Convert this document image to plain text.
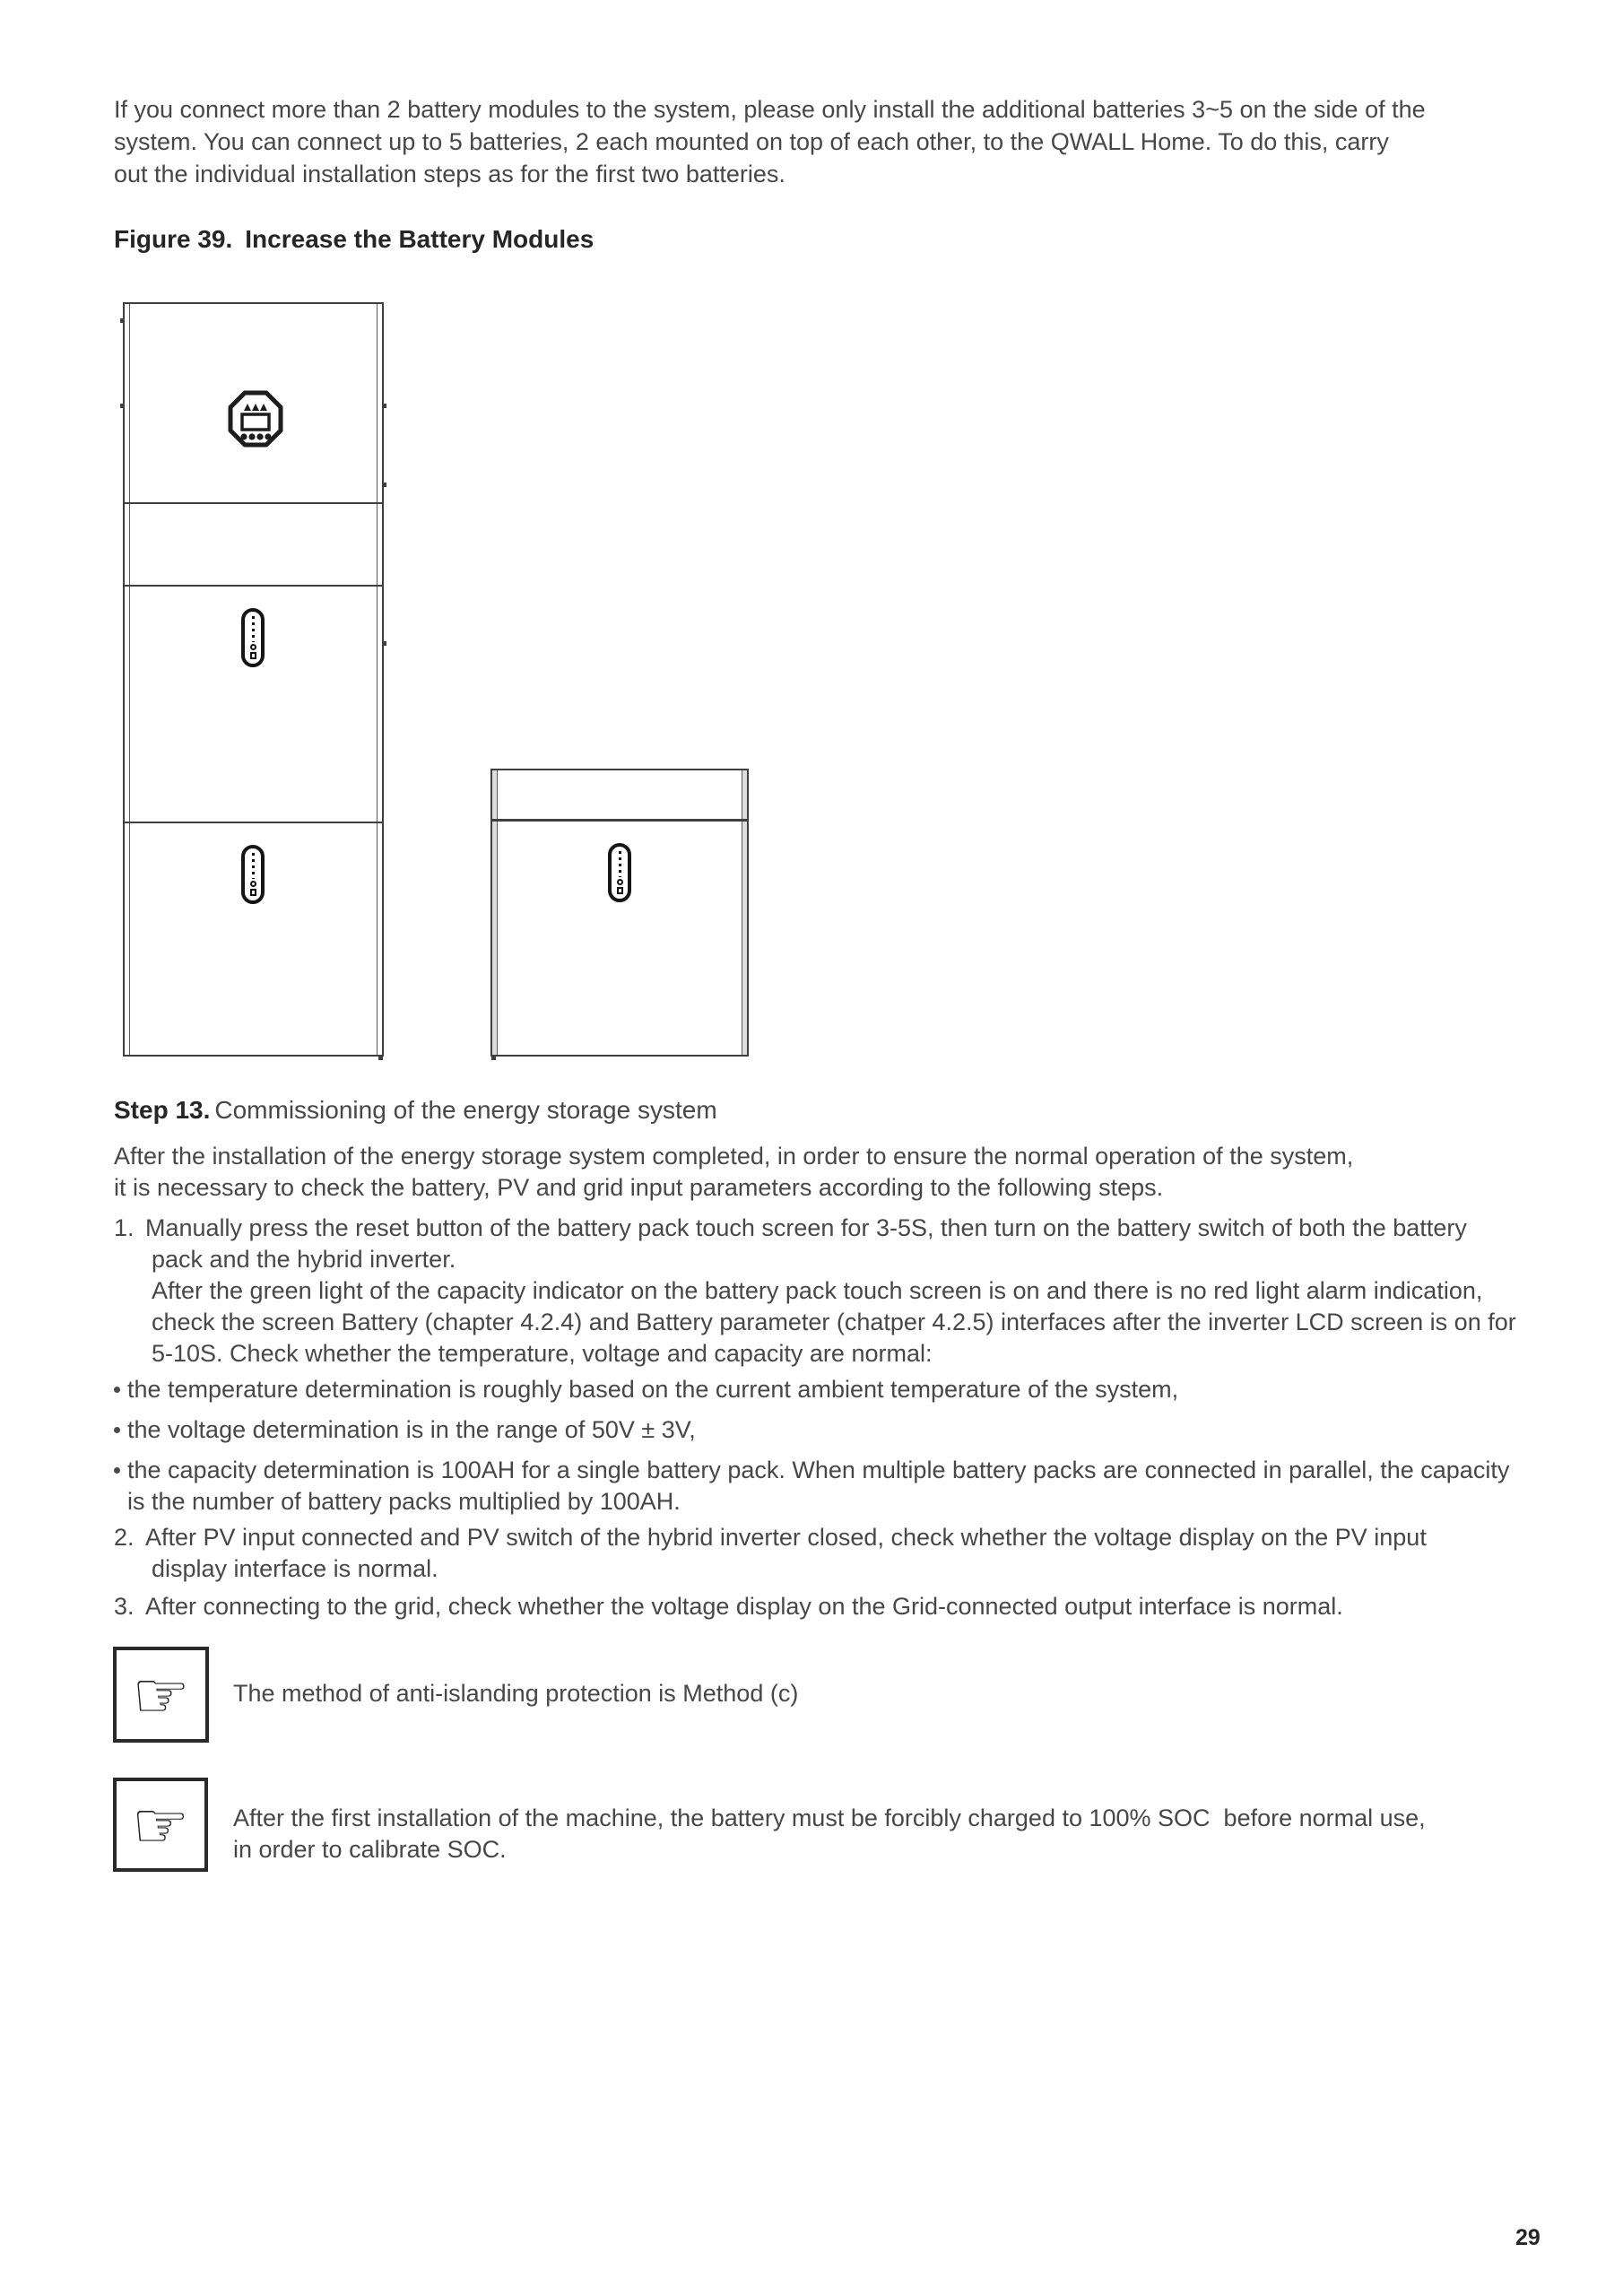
If you connect more than 2 battery modules to the system, please only install the additional batteries 3~5 on the side of the
system. You can connect up to 5 batteries, 2 each mounted on top of each other, to the QWALL Home. To do this, carry
out the individual installation steps as for the first two batteries.
Figure 39. Increase the Battery Modules
Step 13. Commissioning of the energy storage system
After the installation of the energy storage system completed, in order to ensure the normal operation of the system,
it is necessary to check the battery, PV and grid input parameters according to the following steps.
1. Manually press the reset button of the battery pack touch screen for 3-5S, then turn on the battery switch of both the battery
pack and the hybrid inverter.
After the green light of the capacity indicator on the battery pack touch screen is on and there is no red light alarm indication,
check the screen Battery (chapter 4.2.4) and Battery parameter (chatper 4.2.5) interfaces after the inverter LCD screen is on for
5-10S. Check whether the temperature, voltage and capacity are normal:
the temperature determination is roughly based on the current ambient temperature of the system,
the voltage determination is in the range of 50V ± 3V,
the capacity determination is 100AH for a single battery pack. When multiple battery packs are connected in parallel, the capacity
is the number of battery packs multiplied by 100AH.
2. After PV input connected and PV switch of the hybrid inverter closed, check whether the voltage display on the PV input
display interface is normal.
3. After connecting to the grid, check whether the voltage display on the Grid-connected output interface is normal.
☞ The method of anti-islanding protection is Method (c)
☞ After the first installation of the machine, the battery must be forcibly charged to 100% SOC  before normal use,
in order to calibrate SOC.
29
